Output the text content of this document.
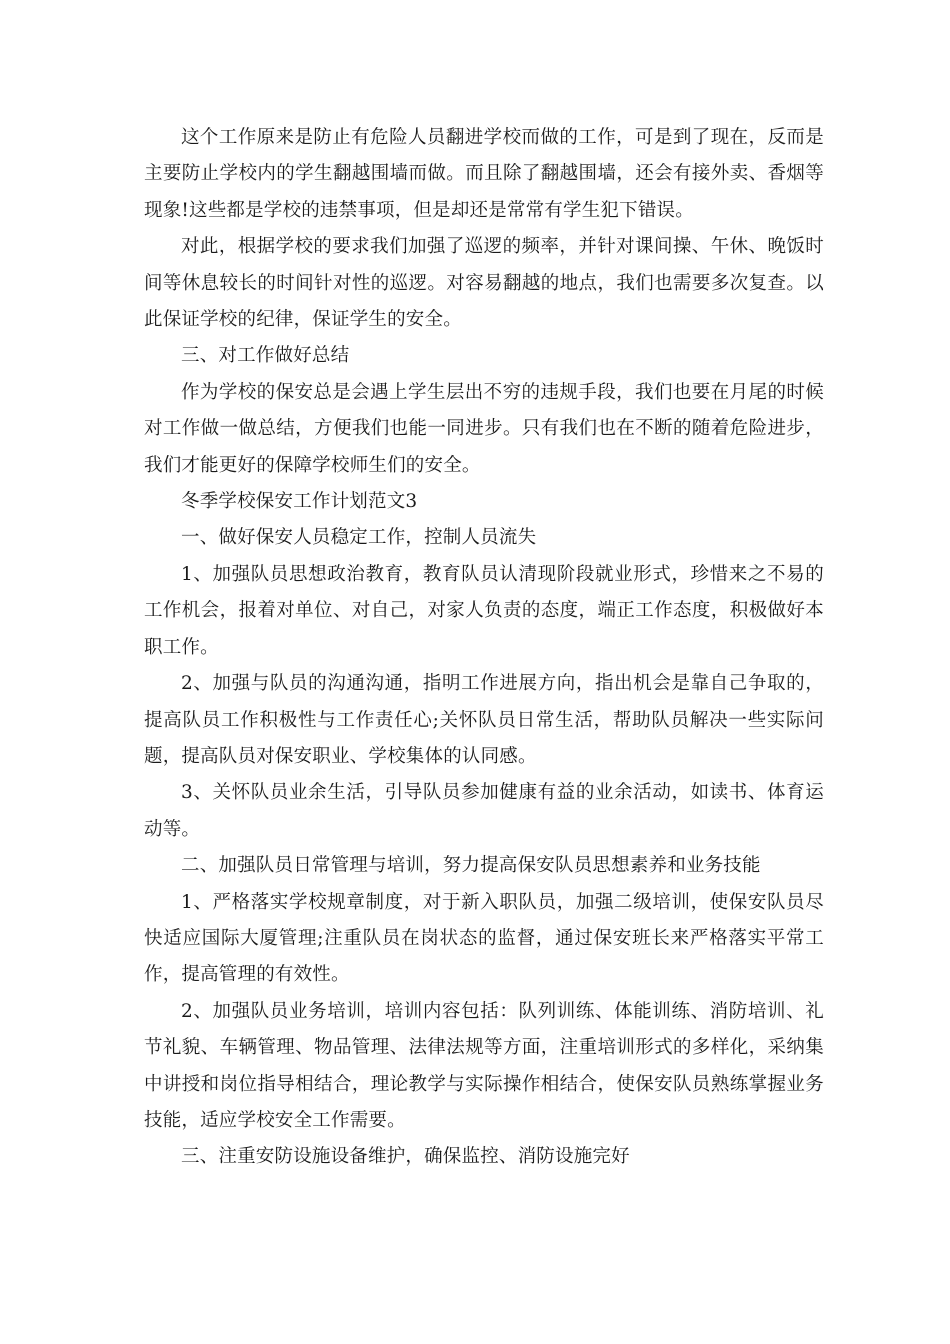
这个工作原来是防止有危险人员翻进学校而做的工作，可是到了现在，反而是主要防止学校内的学生翻越围墙而做。而且除了翻越围墙，还会有接外卖、香烟等现象!这些都是学校的违禁事项，但是却还是常常有学生犯下错误。

对此，根据学校的要求我们加强了巡逻的频率，并针对课间操、午休、晚饭时间等休息较长的时间针对性的巡逻。对容易翻越的地点，我们也需要多次复查。以此保证学校的纪律，保证学生的安全。

三、对工作做好总结

作为学校的保安总是会遇上学生层出不穷的违规手段，我们也要在月尾的时候对工作做一做总结，方便我们也能一同进步。只有我们也在不断的随着危险进步，我们才能更好的保障学校师生们的安全。

冬季学校保安工作计划范文3

一、做好保安人员稳定工作，控制人员流失

1、加强队员思想政治教育，教育队员认清现阶段就业形式，珍惜来之不易的工作机会，报着对单位、对自己，对家人负责的态度，端正工作态度，积极做好本职工作。

2、加强与队员的沟通沟通，指明工作进展方向，指出机会是靠自己争取的，提高队员工作积极性与工作责任心;关怀队员日常生活，帮助队员解决一些实际问题，提高队员对保安职业、学校集体的认同感。

3、关怀队员业余生活，引导队员参加健康有益的业余活动，如读书、体育运动等。

二、加强队员日常管理与培训，努力提高保安队员思想素养和业务技能

1、严格落实学校规章制度，对于新入职队员，加强二级培训，使保安队员尽快适应国际大厦管理;注重队员在岗状态的监督，通过保安班长来严格落实平常工作，提高管理的有效性。

2、加强队员业务培训，培训内容包括：队列训练、体能训练、消防培训、礼节礼貌、车辆管理、物品管理、法律法规等方面，注重培训形式的多样化，采纳集中讲授和岗位指导相结合，理论教学与实际操作相结合，使保安队员熟练掌握业务技能，适应学校安全工作需要。

三、注重安防设施设备维护，确保监控、消防设施完好
